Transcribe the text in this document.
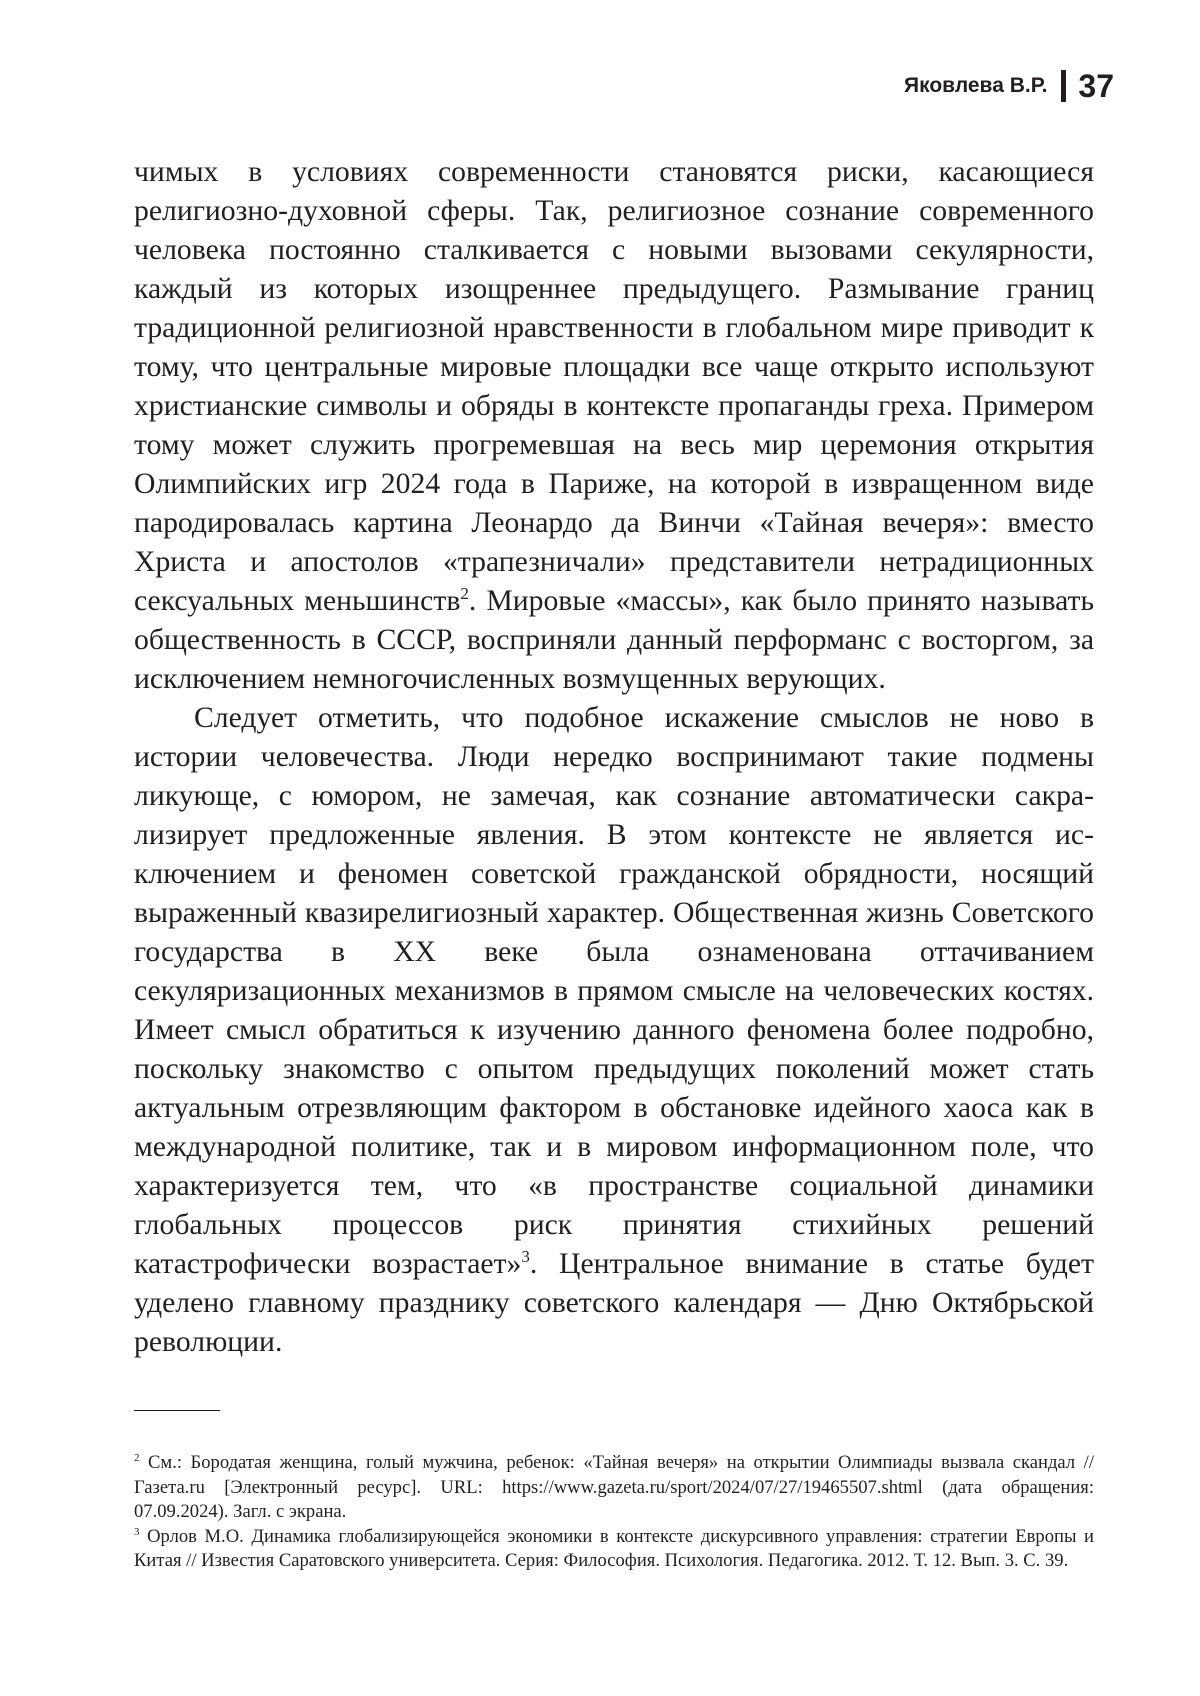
Яковлева В.Р. 37

чимых в условиях современности становятся риски, касающиеся религиозно-духовной сферы. Так, религиозное сознание современного человека постоянно сталкивается с новыми вызовами секулярности, каждый из которых изощреннее предыдущего. Размывание границ традиционной религиозной нравственности в глобальном мире приводит к тому, что центральные мировые площадки все чаще открыто используют христианские символы и обряды в контексте пропаганды греха. Примером тому может служить прогремевшая на весь мир церемония открытия Олимпийских игр 2024 года в Париже, на которой в извращенном виде пародировалась картина Леонардо да Винчи «Тайная вечеря»: вместо Христа и апостолов «трапезничали» представители нетрадиционных сексуальных меньшинств$^2$. Мировые «массы», как было принято называть общественность в СССР, восприняли данный перформанс с восторгом, за исключением немногочисленных возмущенных верующих.

Следует отметить, что подобное искажение смыслов не ново в истории человечества. Люди нередко воспринимают такие подмены ликующе, с юмором, не замечая, как сознание автоматически сакрализирует предложенные явления. В этом контексте не является исключением и феномен советской гражданской обрядности, носящий выраженный квазирелигиозный характер. Общественная жизнь Советского государства в XX веке была ознаменована оттачиванием секуляризационных механизмов в прямом смысле на человеческих костях. Имеет смысл обратиться к изучению данного феномена более подробно, поскольку знакомство с опытом предыдущих поколений может стать актуальным отрезвляющим фактором в обстановке идейного хаоса как в международной политике, так и в мировом информационном поле, что характеризуется тем, что «в пространстве социальной динамики глобальных процессов риск принятия стихийных решений катастрофически возрастает»$^3$. Центральное внимание в статье будет уделено главному празднику советского календаря — Дню Октябрьской революции.

$^2$ См.: Бородатая женщина, голый мужчина, ребенок: «Тайная вечеря» на открытии Олимпиады вызвала скандал // Газета.ru [Электронный ресурс]. URL: https://www.gazeta.ru/sport/2024/07/27/19465507.shtml (дата обращения: 07.09.2024). Загл. с экрана.

$^3$ Орлов М.О. Динамика глобализирующейся экономики в контексте дискурсивного управления: стратегии Европы и Китая // Известия Саратовского университета. Серия: Философия. Психология. Педагогика. 2012. Т. 12. Вып. 3. С. 39.
